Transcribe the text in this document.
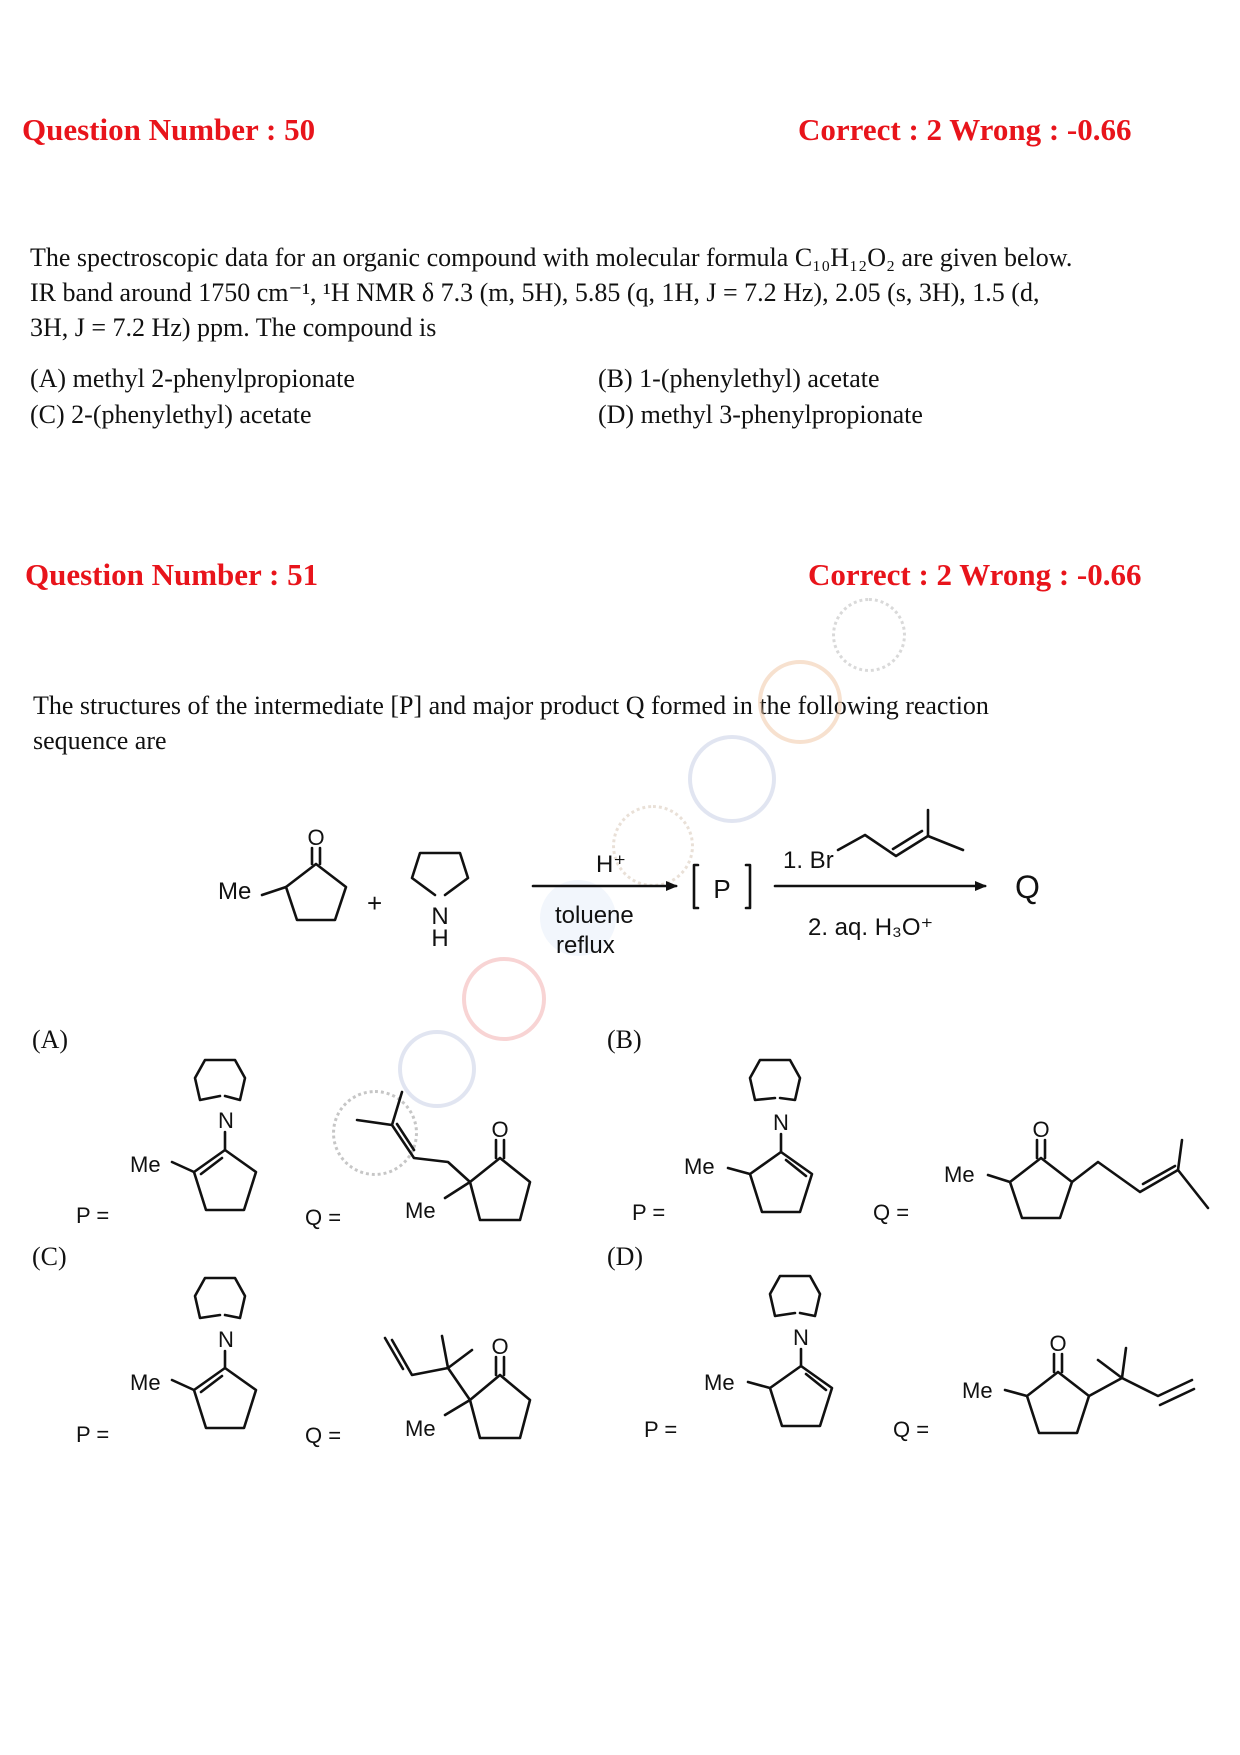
Question Number : 50	Correct : 2 Wrong : -0.66
The spectroscopic data for an organic compound with molecular formula C₁₀H₁₂O₂ are given below.
IR band around 1750 cm⁻¹, ¹H NMR δ 7.3 (m, 5H), 5.85 (q, 1H, J = 7.2 Hz), 2.05 (s, 3H), 1.5 (d,
3H, J = 7.2 Hz) ppm. The compound is
(A) methyl 2-phenylpropionate	(B) 1-(phenylethyl) acetate
(C) 2-(phenylethyl) acetate	(D) methyl 3-phenylpropionate
Question Number : 51	Correct : 2 Wrong : -0.66
The structures of the intermediate [P] and major product Q formed in the following reaction
sequence are
O
Me	+ N
H
H⁺
toluene
reflux
P
1. Br
2. aq. H₃O⁺
Q
(A)	(B)
(C)	(D)
N
Me
P =	Q =
O
Me
N
Me
P =	Q =
O
Me
N
Me
P =	Q =
O
Me
N
Me
P =	Q =
O
Me
